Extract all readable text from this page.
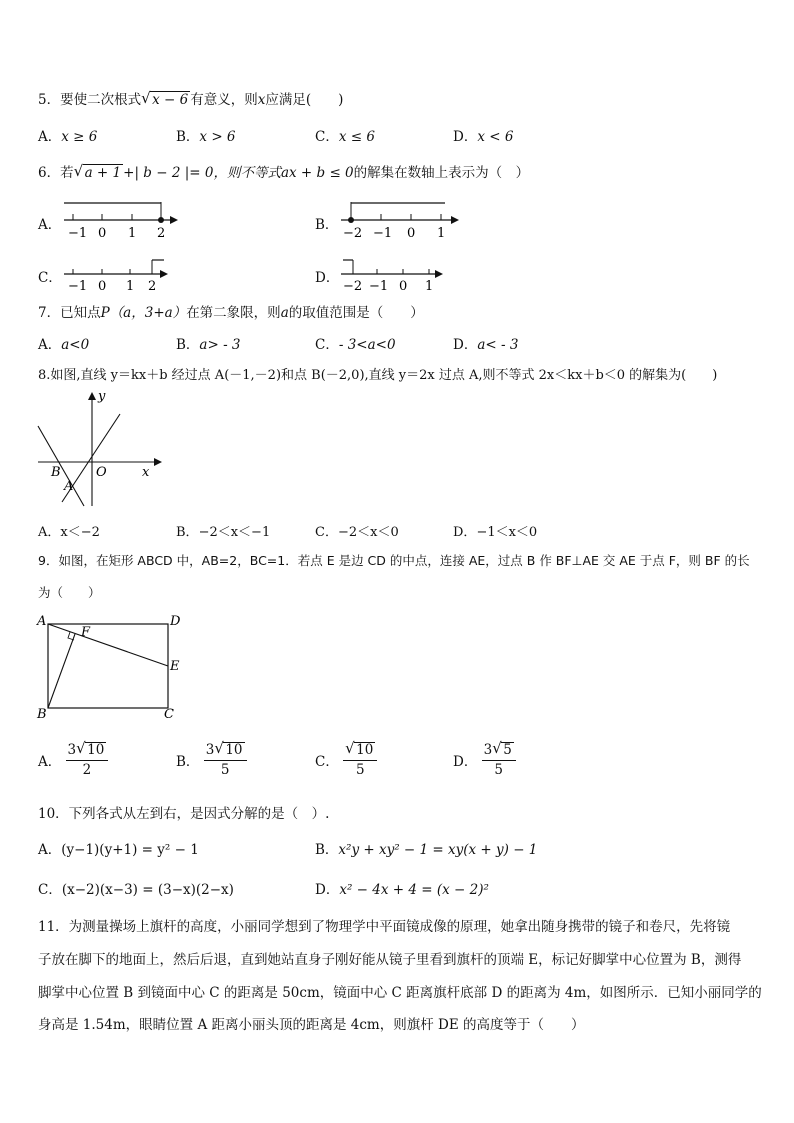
5．要使二次根式 √ x − 6 有意义，则x应满足(　　)
A．x ≥ 6	B．x > 6	C．x ≤ 6	D．x < 6
6．若 √ a + 1 +| b − 2 |= 0，则不等式ax + b ≤ 0的解集在数轴上表示为（　）
A．
−1 0 1 2
B．
−2 −1 0 1
C．
−1 0 1 2
D．
−2 −1 0 1
7．已知点P（a，3+a）在第二象限，则a的取值范围是（　　）
A．a<0	B．a> - 3	C．- 3<a<0	D．a< - 3
8.如图,直线 y＝kx＋b 经过点 A(－1,－2)和点 B(－2,0),直线 y＝2x 过点 A,则不等式 2x＜kx＋b＜0 的解集为(　　)
y
x
O
B
A
A．x＜−2	B．−2＜x＜−1	C．−2＜x＜0	D．−1＜x＜0
9．如图，在矩形 ABCD 中，AB=2，BC=1．若点 E 是边 CD 的中点，连接 AE，过点 B 作 BF⊥AE 交 AE 于点 F，则 BF 的长
为（　　）
A	D
B	C
E
F
A． $\frac{3 √ 10}{2}$	B． $\frac{3 √ 10}{5}$	C． √ $\frac{10}{5}$	D． $\frac{3 √ 5}{5}$
10．下列各式从左到右，是因式分解的是（　）.
A．(y−1)(y+1) = y² − 1	B．x²y + xy² − 1 = xy(x + y) − 1
C．(x−2)(x−3) = (3−x)(2−x)	D．x² − 4x + 4 = (x − 2)²
11．为测量操场上旗杆的高度，小丽同学想到了物理学中平面镜成像的原理，她拿出随身携带的镜子和卷尺，先将镜
子放在脚下的地面上，然后后退，直到她站直身子刚好能从镜子里看到旗杆的顶端 E，标记好脚掌中心位置为 B，测得
脚掌中心位置 B 到镜面中心 C 的距离是 50cm，镜面中心 C 距离旗杆底部 D 的距离为 4m，如图所示．已知小丽同学的
身高是 1.54m，眼睛位置 A 距离小丽头顶的距离是 4cm，则旗杆 DE 的高度等于（　　）
